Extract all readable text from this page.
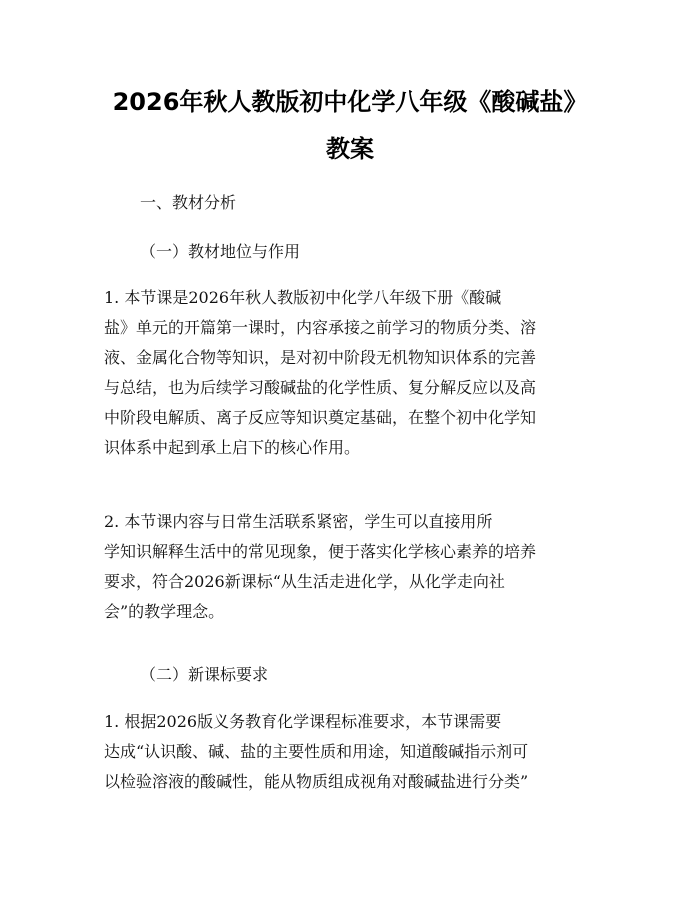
2026年秋人教版初中化学八年级《酸碱盐》
教案

一、教材分析

（一）教材地位与作用

1. 本节课是2026年秋人教版初中化学八年级下册《酸碱
盐》单元的开篇第一课时，内容承接之前学习的物质分类、溶
液、金属化合物等知识，是对初中阶段无机物知识体系的完善
与总结，也为后续学习酸碱盐的化学性质、复分解反应以及高
中阶段电解质、离子反应等知识奠定基础，在整个初中化学知
识体系中起到承上启下的核心作用。
2. 本节课内容与日常生活联系紧密，学生可以直接用所
学知识解释生活中的常见现象，便于落实化学核心素养的培养
要求，符合2026新课标“从生活走进化学，从化学走向社
会”的教学理念。

（二）新课标要求

1. 根据2026版义务教育化学课程标准要求，本节课需要
达成“认识酸、碱、盐的主要性质和用途，知道酸碱指示剂可
以检验溶液的酸碱性，能从物质组成视角对酸碱盐进行分类”
